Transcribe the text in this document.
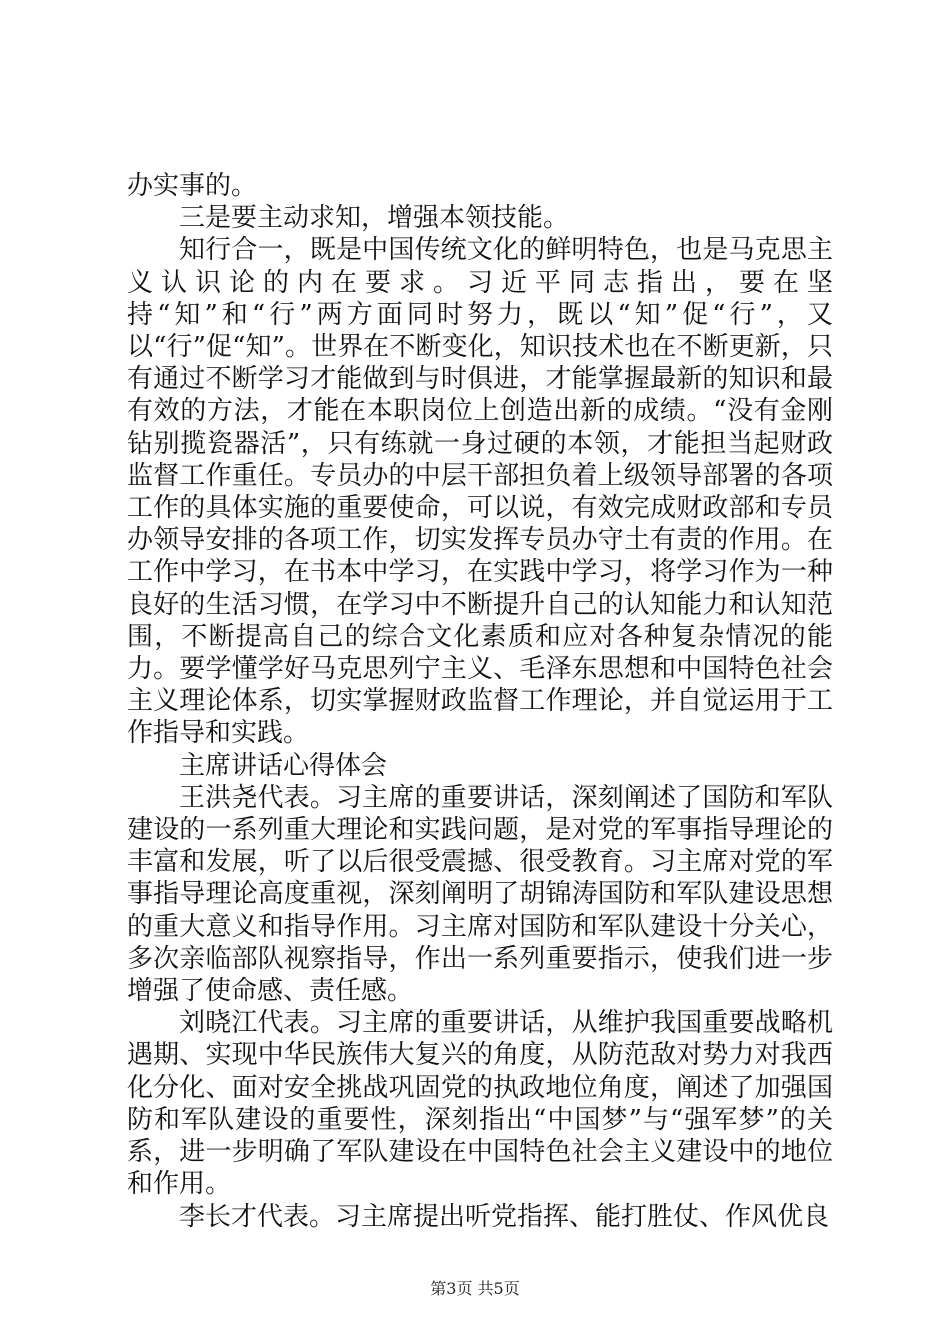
办实事的。

三是要主动求知，增强本领技能。

知行合一，既是中国传统文化的鲜明特色，也是马克思主义认识论的内在要求。习近平同志指出，要在坚持“知”和“行”两方面同时努力，既以“知”促“行”，又以“行”促“知”。世界在不断变化，知识技术也在不断更新，只有通过不断学习才能做到与时俱进，才能掌握最新的知识和最有效的方法，才能在本职岗位上创造出新的成绩。“没有金刚钻别揽瓷器活”，只有练就一身过硬的本领，才能担当起财政监督工作重任。专员办的中层干部担负着上级领导部署的各项工作的具体实施的重要使命，可以说，有效完成财政部和专员办领导安排的各项工作，切实发挥专员办守土有责的作用。在工作中学习，在书本中学习，在实践中学习，将学习作为一种良好的生活习惯，在学习中不断提升自己的认知能力和认知范围，不断提高自己的综合文化素质和应对各种复杂情况的能力。要学懂学好马克思列宁主义、毛泽东思想和中国特色社会主义理论体系，切实掌握财政监督工作理论，并自觉运用于工作指导和实践。

主席讲话心得体会

王洪尧代表。习主席的重要讲话，深刻阐述了国防和军队建设的一系列重大理论和实践问题，是对党的军事指导理论的丰富和发展，听了以后很受震撼、很受教育。习主席对党的军事指导理论高度重视，深刻阐明了胡锦涛国防和军队建设思想的重大意义和指导作用。习主席对国防和军队建设十分关心，多次亲临部队视察指导，作出一系列重要指示，使我们进一步增强了使命感、责任感。

刘晓江代表。习主席的重要讲话，从维护我国重要战略机遇期、实现中华民族伟大复兴的角度，从防范敌对势力对我西化分化、面对安全挑战巩固党的执政地位角度，阐述了加强国防和军队建设的重要性，深刻指出“中国梦”与“强军梦”的关系，进一步明确了军队建设在中国特色社会主义建设中的地位和作用。

李长才代表。习主席提出听党指挥、能打胜仗、作风优良

第3页 共5页
